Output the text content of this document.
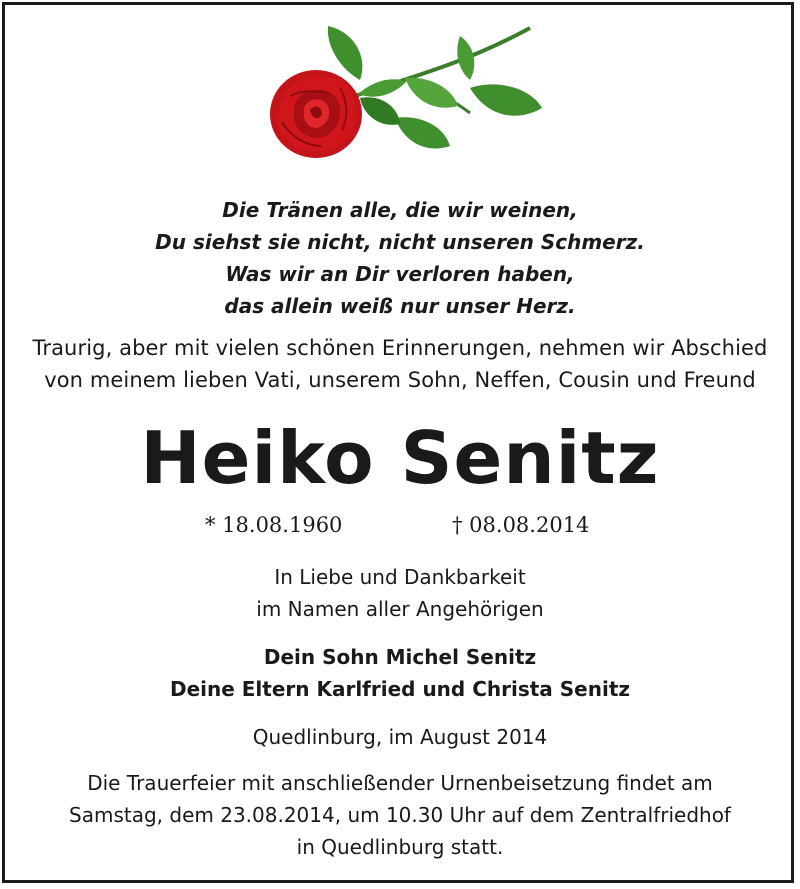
Die Tränen alle, die wir weinen,
Du siehst sie nicht, nicht unseren Schmerz.
Was wir an Dir verloren haben,
das allein weiß nur unser Herz.
Traurig, aber mit vielen schönen Erinnerungen, nehmen wir Abschied
von meinem lieben Vati, unserem Sohn, Neffen, Cousin und Freund
Heiko Senitz
* 18.08.1960	† 08.08.2014
In Liebe und Dankbarkeit
im Namen aller Angehörigen
Dein Sohn Michel Senitz
Deine Eltern Karlfried und Christa Senitz
Quedlinburg, im August 2014
Die Trauerfeier mit anschließender Urnenbeisetzung findet am
Samstag, dem 23.08.2014, um 10.30 Uhr auf dem Zentralfriedhof
in Quedlinburg statt.
